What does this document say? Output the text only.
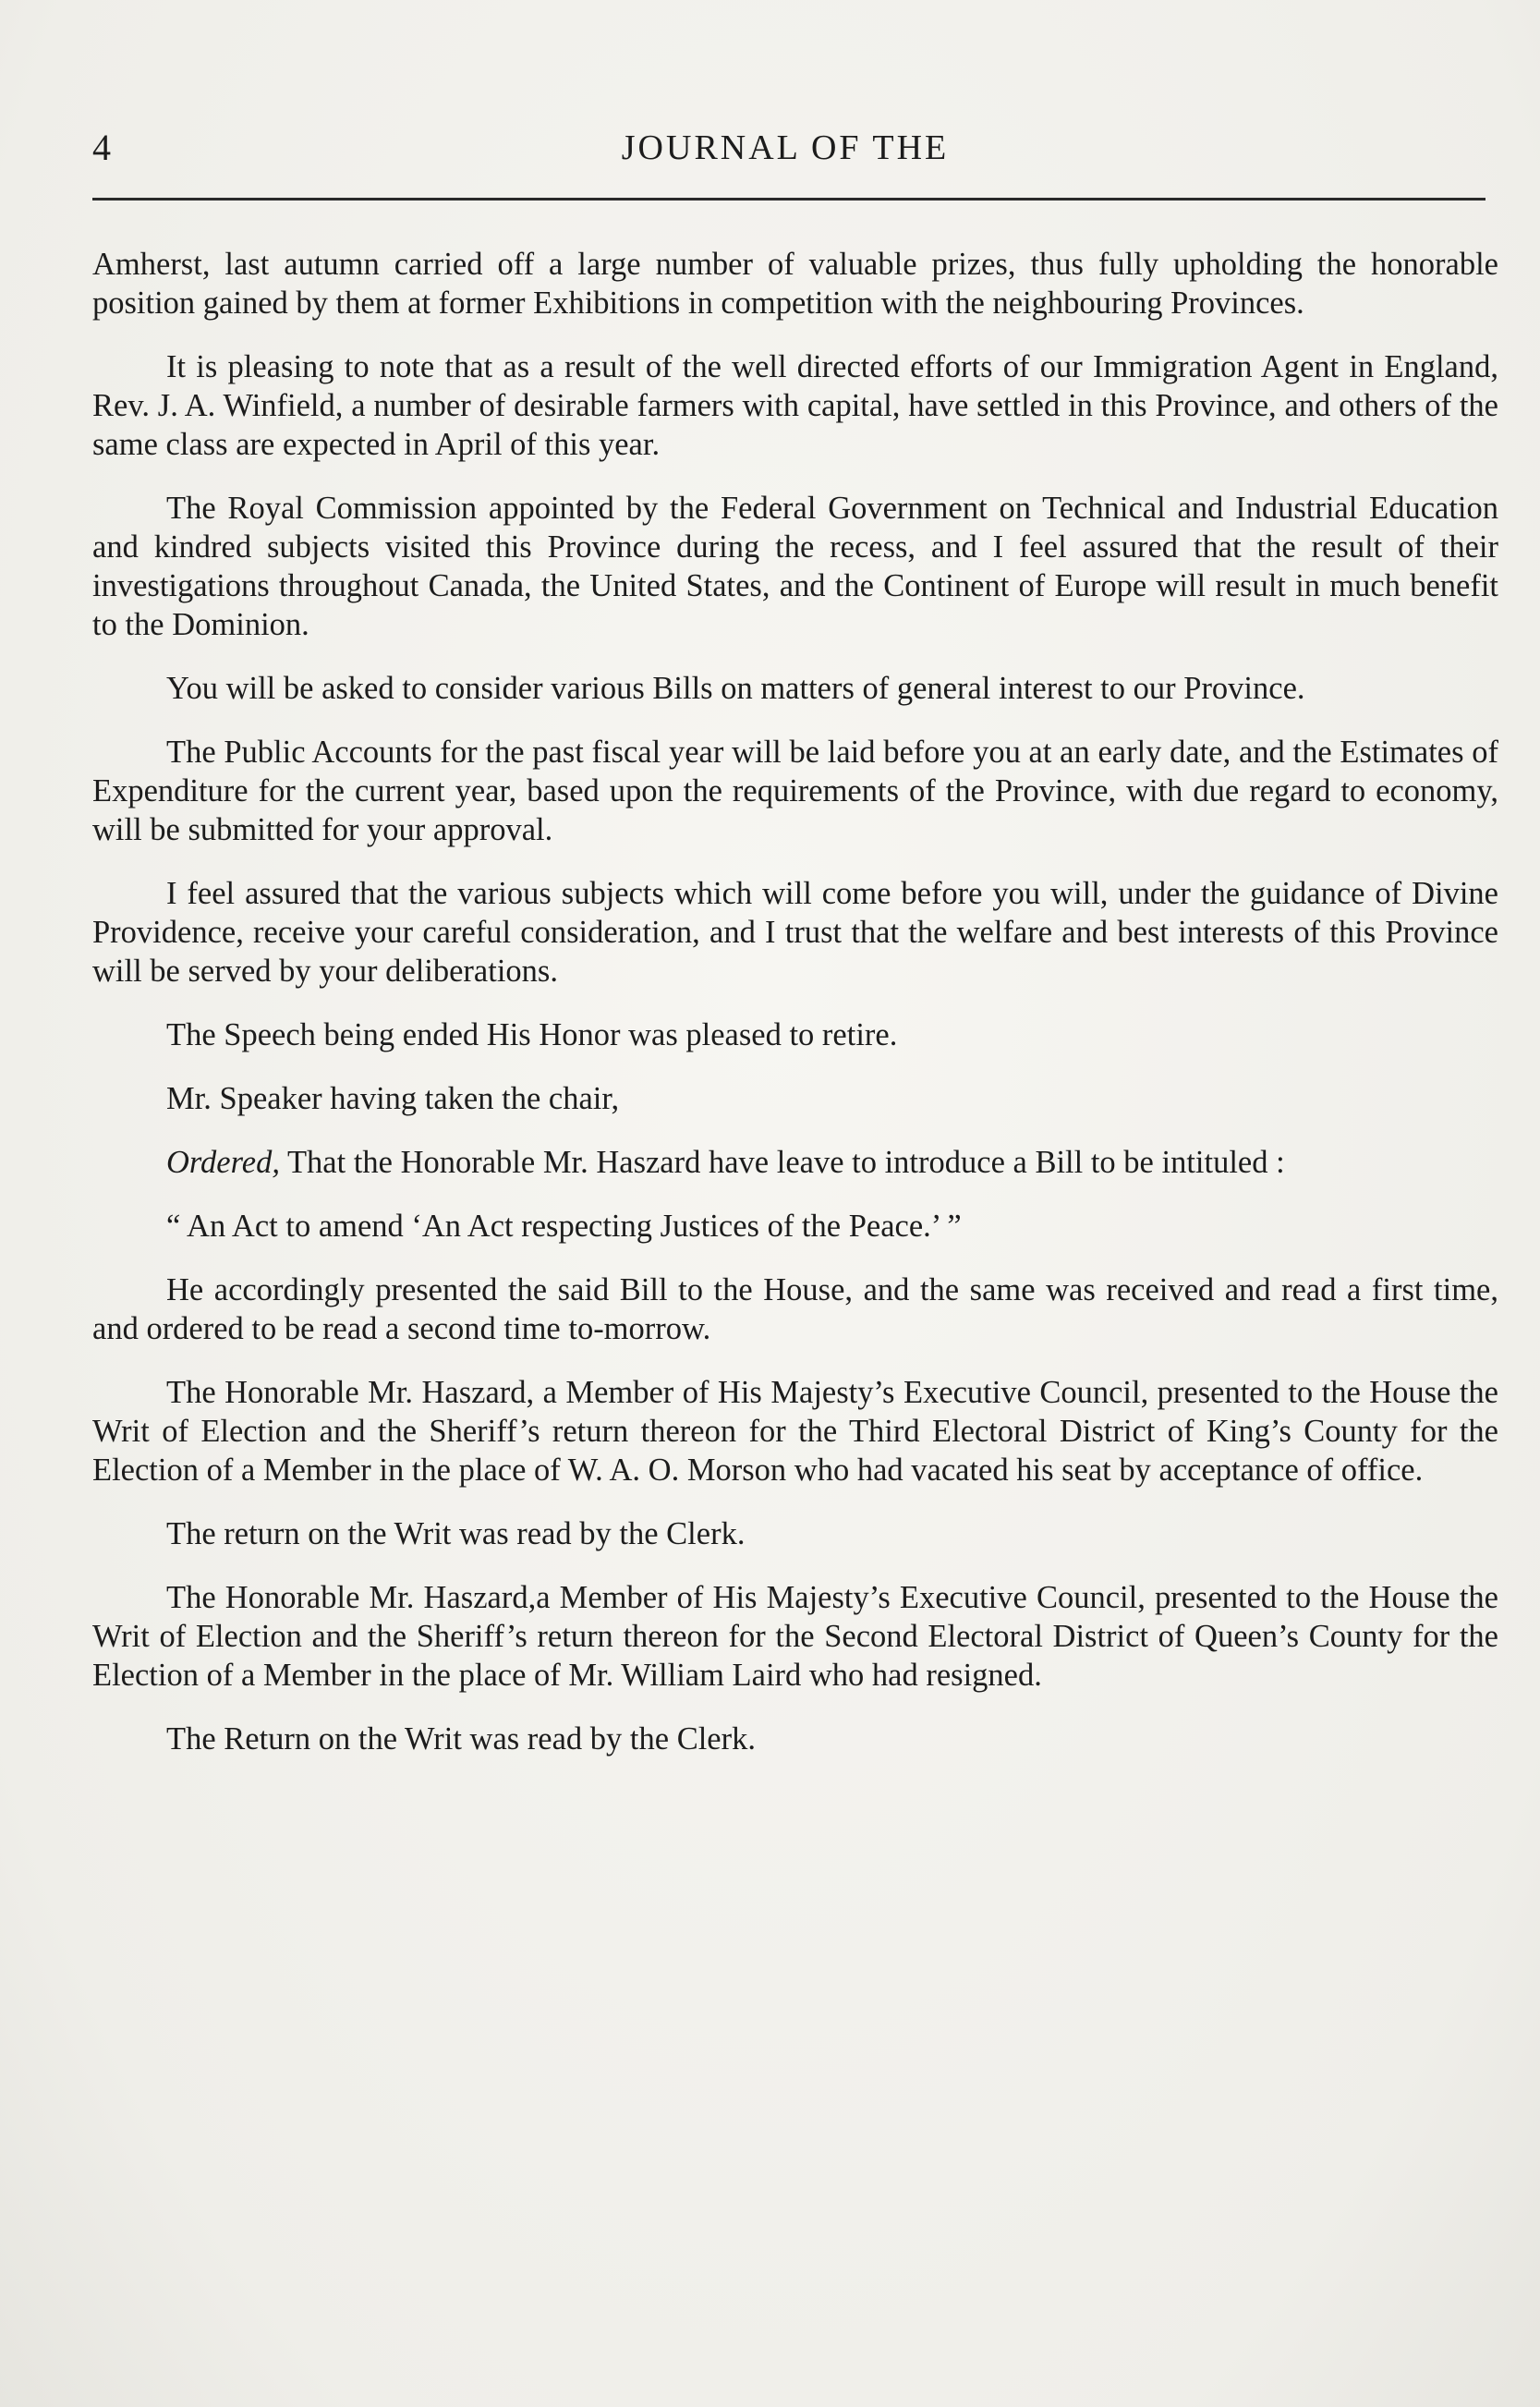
4	JOURNAL OF THE

Amherst, last autumn carried off a large number of valuable prizes, thus fully upholding the honorable position gained by them at former Exhibitions in competition with the neighbouring Provinces.

It is pleasing to note that as a result of the well directed efforts of our Immigration Agent in England, Rev. J. A. Winfield, a number of desirable farmers with capital, have settled in this Province, and others of the same class are expected in April of this year.

The Royal Commission appointed by the Federal Government on Technical and Industrial Education and kindred subjects visited this Province during the recess, and I feel assured that the result of their investigations throughout Canada, the United States, and the Continent of Europe will result in much benefit to the Dominion.

You will be asked to consider various Bills on matters of general interest to our Province.

The Public Accounts for the past fiscal year will be laid before you at an early date, and the Estimates of Expenditure for the current year, based upon the requirements of the Province, with due regard to economy, will be submitted for your approval.

I feel assured that the various subjects which will come before you will, under the guidance of Divine Providence, receive your careful consideration, and I trust that the welfare and best interests of this Province will be served by your deliberations.

The Speech being ended His Honor was pleased to retire.

Mr. Speaker having taken the chair,

Ordered, That the Honorable Mr. Haszard have leave to introduce a Bill to be intituled :

“ An Act to amend ‘An Act respecting Justices of the Peace.’ ”

He accordingly presented the said Bill to the House, and the same was received and read a first time, and ordered to be read a second time to-morrow.

The Honorable Mr. Haszard, a Member of His Majesty’s Executive Council, presented to the House the Writ of Election and the Sheriff’s return thereon for the Third Electoral District of King’s County for the Election of a Member in the place of W. A. O. Morson who had vacated his seat by acceptance of office.

The return on the Writ was read by the Clerk.

The Honorable Mr. Haszard,a Member of His Majesty’s Executive Council, presented to the House the Writ of Election and the Sheriff’s return thereon for the Second Electoral District of Queen’s County for the Election of a Member in the place of Mr. William Laird who had resigned.

The Return on the Writ was read by the Clerk.
